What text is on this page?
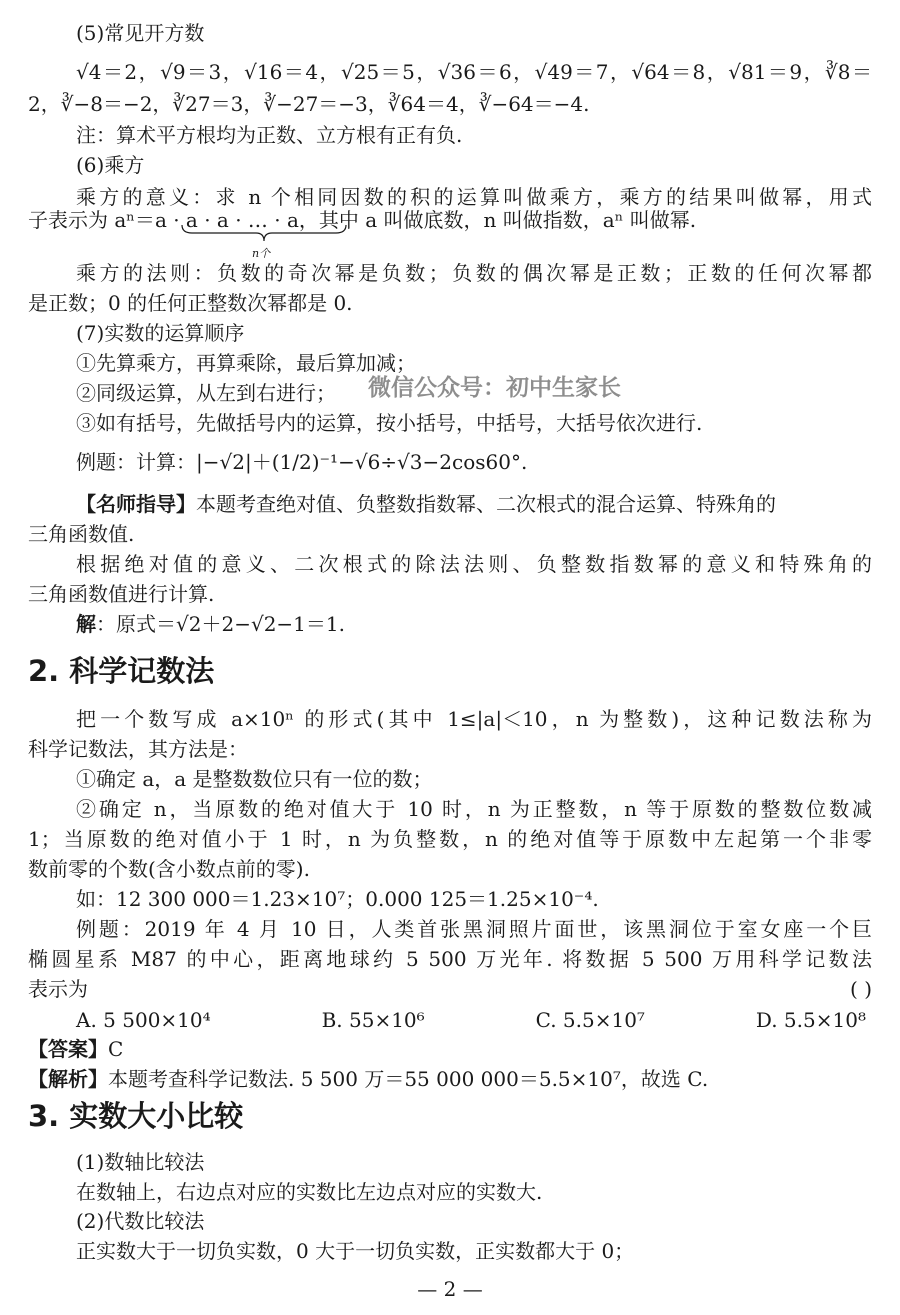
(5)常见开方数
√4＝2，√9＝3，√16＝4，√25＝5，√36＝6，√49＝7，√64＝8，√81＝9，∛8＝
2，∛−8＝−2，∛27＝3，∛−27＝−3，∛64＝4，∛−64＝−4.
注：算术平方根均为正数、立方根有正有负.
(6)乘方
乘方的意义：求 n 个相同因数的积的运算叫做乘方，乘方的结果叫做幂，用式
子表示为 aⁿ＝a · a · a · … · a，其中 a 叫做底数，n 叫做指数，aⁿ 叫做幂.
n个
乘方的法则：负数的奇次幂是负数；负数的偶次幂是正数；正数的任何次幂都
是正数；0 的任何正整数次幂都是 0.
(7)实数的运算顺序
①先算乘方，再算乘除，最后算加减；
②同级运算，从左到右进行； 微信公众号：初中生家长
③如有括号，先做括号内的运算，按小括号，中括号，大括号依次进行.
例题：计算：|−√2|＋(1/2)⁻¹−√6÷√3−2cos60°.
【名师指导】本题考查绝对值、负整数指数幂、二次根式的混合运算、特殊角的
三角函数值.
根据绝对值的意义、二次根式的除法法则、负整数指数幂的意义和特殊角的
三角函数值进行计算.
解：原式＝√2＋2−√2−1＝1.
2. 科学记数法
把一个数写成 a×10ⁿ 的形式(其中 1≤|a|＜10，n 为整数)，这种记数法称为
科学记数法，其方法是：
①确定 a，a 是整数数位只有一位的数；
②确定 n，当原数的绝对值大于 10 时，n 为正整数，n 等于原数的整数位数减
1；当原数的绝对值小于 1 时，n 为负整数，n 的绝对值等于原数中左起第一个非零
数前零的个数(含小数点前的零).
如：12 300 000＝1.23×10⁷；0.000 125＝1.25×10⁻⁴.
例题：2019 年 4 月 10 日，人类首张黑洞照片面世，该黑洞位于室女座一个巨
椭圆星系 M87 的中心，距离地球约 5 500 万光年. 将数据 5 500 万用科学记数法
表示为	( )
A. 5 500×10⁴	B. 55×10⁶	C. 5.5×10⁷	D. 5.5×10⁸
【答案】C
【解析】本题考查科学记数法. 5 500 万＝55 000 000＝5.5×10⁷，故选 C.
3. 实数大小比较
(1)数轴比较法
在数轴上，右边点对应的实数比左边点对应的实数大.
(2)代数比较法
正实数大于一切负实数，0 大于一切负实数，正实数都大于 0；
— 2 —
